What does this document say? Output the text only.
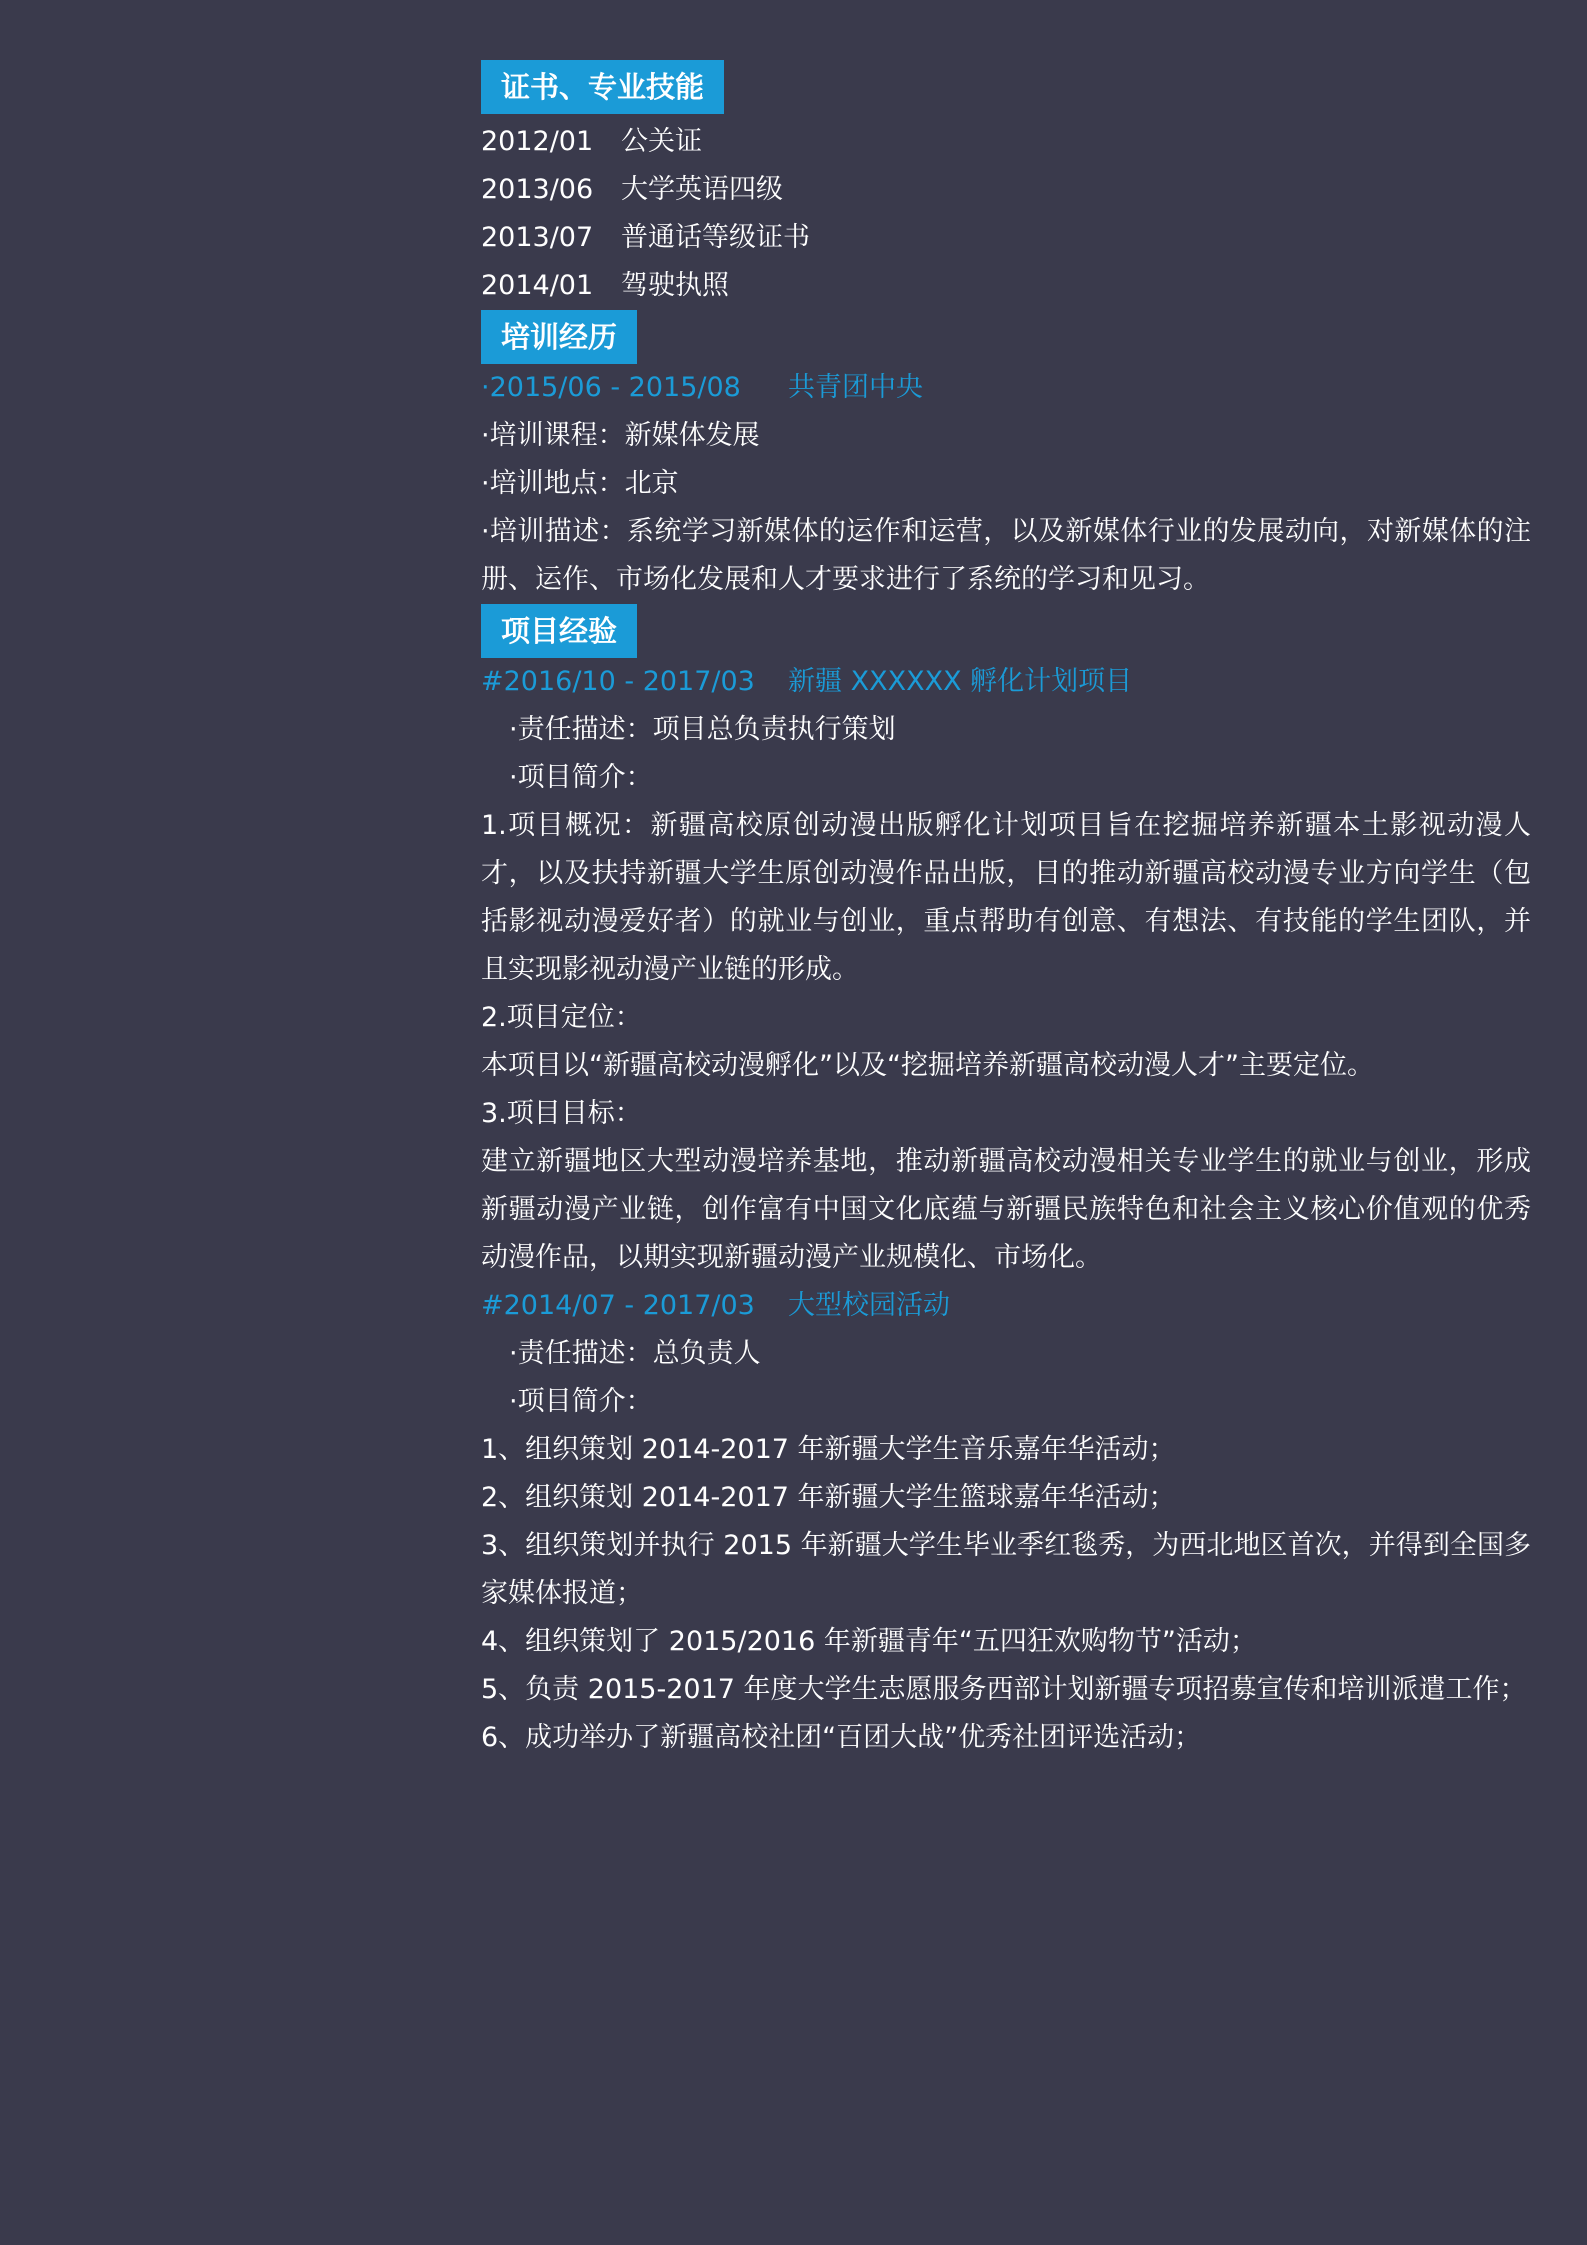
证书、专业技能
2012/01 公关证
2013/06 大学英语四级
2013/07 普通话等级证书
2014/01 驾驶执照
培训经历
·2015/06 - 2015/08 共青团中央
·培训课程：新媒体发展
·培训地点：北京
·培训描述：系统学习新媒体的运作和运营，以及新媒体行业的发展动向，对新媒体的注册、运作、市场化发展和人才要求进行了系统的学习和见习。
项目经验
#2016/10 - 2017/03 新疆 XXXXXX 孵化计划项目
·责任描述：项目总负责执行策划
·项目简介：
1.项目概况：新疆高校原创动漫出版孵化计划项目旨在挖掘培养新疆本土影视动漫人才，以及扶持新疆大学生原创动漫作品出版，目的推动新疆高校动漫专业方向学生（包括影视动漫爱好者）的就业与创业，重点帮助有创意、有想法、有技能的学生团队，并且实现影视动漫产业链的形成。
2.项目定位：
本项目以“新疆高校动漫孵化”以及“挖掘培养新疆高校动漫人才”主要定位。
3.项目目标：
建立新疆地区大型动漫培养基地，推动新疆高校动漫相关专业学生的就业与创业，形成新疆动漫产业链，创作富有中国文化底蕴与新疆民族特色和社会主义核心价值观的优秀动漫作品，以期实现新疆动漫产业规模化、市场化。
#2014/07 - 2017/03 大型校园活动
·责任描述：总负责人
·项目简介：
1、组织策划 2014-2017 年新疆大学生音乐嘉年华活动；
2、组织策划 2014-2017 年新疆大学生篮球嘉年华活动；
3、组织策划并执行 2015 年新疆大学生毕业季红毯秀，为西北地区首次，并得到全国多家媒体报道；
4、组织策划了 2015/2016 年新疆青年“五四狂欢购物节”活动；
5、负责 2015-2017 年度大学生志愿服务西部计划新疆专项招募宣传和培训派遣工作；
6、成功举办了新疆高校社团“百团大战”优秀社团评选活动；
